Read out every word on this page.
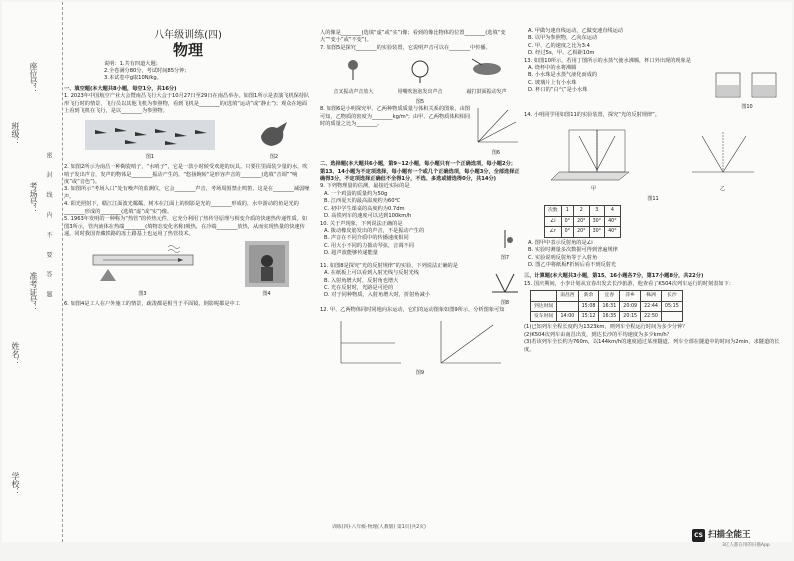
学校：
姓名：
班级：
考场号：
准考证号：
座位号：
密 封 线 内 不 要 答 题
八年级训练(四)
物理

说明：1.共有四道大题；

2.全卷满分80分，考试时间85分钟；

3.本试卷中g取10N/kg。

一、填空题(本大题共8小题，每空1分，共16分)

1. 2023年中国航空产业大会暨南昌飞行大会于10月27日至29日在南昌举办。如图1所示是表演飞机保持队形飞行时的情景，飞行员以其他飞机为参照物，看到飞机是________的(选填“运动”或“静止”)；观众在地面上看到飞机在飞行，是以________为参照物。

图1	图2

2. 如图2所示为南昌一种陶瓷哨子，“水哨子”，它是一款小时候受欢迎的玩具。只要往里面装少量的水，吹哨子发出声音，发声的物体是________振动产生的，“悠扬婉转”是形容声音的________(选填“音调”“响度”或“音色”)。

3. 如图所示“考场入口”处有噪声的监测仪，它会________声音，考场周围禁止鸣笛，这是在________减弱噪声。

4. 阳光照射下，赣江江面波光粼粼，树木在江面上的倒影是光的________形成的，水中游动的鱼是光的________形成的________(选填“虚”或“实”)像。

5. 1963年发明的一种称为“热管”的传热元件，它充分利用了热传导原理与相变介质的快速热传递性质。如图3所示，管内液体在热端________(填物态变化名称)吸热，在冷端________放热，从而实现热量的快速传递。同时我国青藏铁路的冻土路基上也运用了热管技术。

图3	图4

6. 如图4是工人在户外施工的情景，疏浚都是相当于平面镜，倒影呢都是中工

人的像是________(选填“虚”或“实”)像；看到的像比物体的位置________(选填“变大”“变小”或“不变”)。

7. 如图5是探究________的实验装置，它说明声音可以在________中传播。

音叉振动声音放大	用嘴吹泡泡发出声音	敲打鼓面振动发声
图5

8. 如图6是小明探究甲、乙两种物质质量与体积关系的图象，由图可知，乙物质的密度为________kg/m³；由甲、乙两物质体积相同时的质量之比为________。

图6

二、选择题(本大题共6小题，第9~12小题，每小题只有一个正确选项，每小题2分；第13、14小题为不定项选择，每小题有一个或几个正确选项，每小题3分，全部选择正确得3分，不定项选择正确但不全得1分，不选、多选或错选得0分，共14分)

9. 下列物理量的估测，最接近实际的是

A. 一个鸡蛋的质量约为50g

B. 江西夏天的最高温度约为60℃

C. 初中学生课桌的高度约为0.7dm

D. 高铁列车的速度可以达到100km/h

10. 关于声现象，下列说法正确的是

A. 拨动橡皮筋发出的声音，不是振动产生的

B. 声音在不同介质中的传播速度相同

C. 用大小不同的力拨动琴弦，音调不同

D. 超声波能够传递能量

图7

11. 如图8是探究“光的反射规律”的实验，下列说法正确的是

A. 在纸板上可以看到入射光线与反射光线

B. 入射角增大时，反射角也增大

C. 光在反射时，光路是可逆的

D. 对于同种物质，入射角增大时，折射角减小

图8

12. 甲、乙两物体同时同地向东运动，它们的运动图象如图9所示，分析图象可知

图9

A. 甲做匀速直线运动，乙做变速直线运动

B. 以甲为参照物，乙向东运动

C. 甲、乙的速度之比为3:4

D. 经过5s，甲、乙相距10m

13. 如图10所示，若用丁图所示的水蒸气使水沸腾，杯口外出现的现象是

A. 烧杯中的水将沸腾

B. 小水珠是水蒸气液化而成的

C. 玻璃片上有小水珠

D. 杯口的“白气”是小水珠

图10

14. 小明同学用如图11的实验装置，探究“光的反射规律”。

甲	乙
图11
次数	1	2	3	4
∠i	0°	20°	30°	40°
∠r	0°	20°	30°	40°

A. 图甲中表示反射角的是∠i

B. 实验时测量多次数据可得到普遍规律

C. 实验说明反射角等于入射角

D. 图乙中将纸板F折转后看不到反射光

三、计算题(本大题共3小题，第15、16小题各7分，第17小题8分，共22分)

15. 国庆期间，小李计划从宜春出发去长沙旅游，他查看了K504次列车运行的时刻表如下：

	南昌西	新余	宜春	萍乡	株洲	长沙
到达时间		15:08	16:31	20:09	22:44	05:15
发车时间	14:00	15:12	16:35	20:15	22:50	

(1)已知列车全程长度约为1323km，则列车全程运行时间为多少分钟？

(2)K504次列车由南昌出发，到达长沙的平均速度为多少km/h？

(3)若该列车全长约为760m，以144km/h的速度通过某座隧道，列车全部在隧道中的时间为2min，求隧道的长度。

训练(四)·八年级·物理(人教版) 第1页(共2页)
CS 扫描全能王
3亿人都在用的扫描App
